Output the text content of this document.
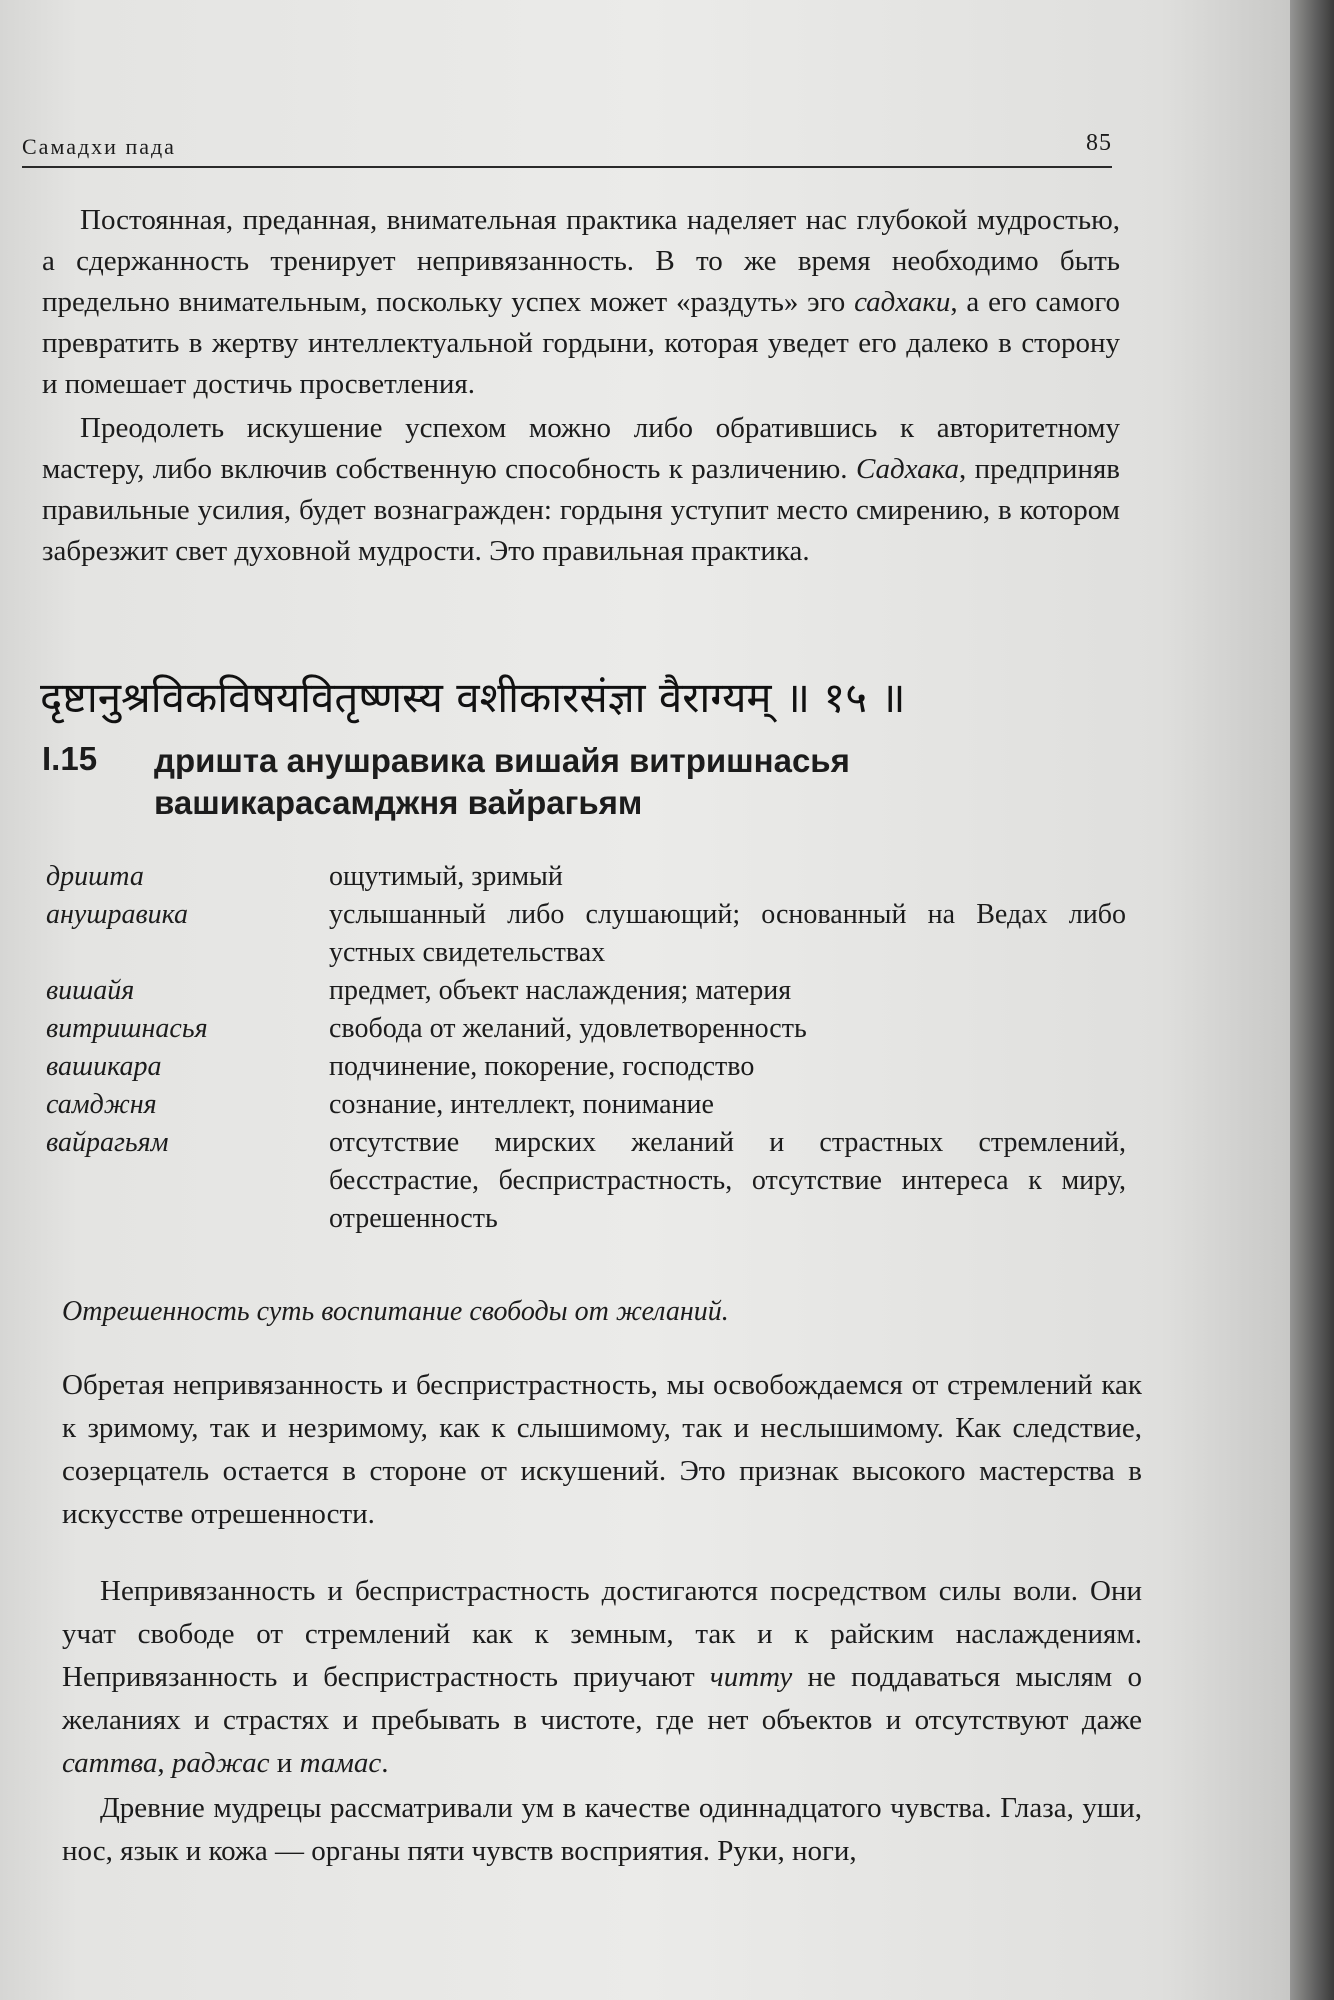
Самадхи пада	85

Постоянная, преданная, внимательная практика наделяет нас глубокой мудростью, а сдержанность тренирует непривязанность. В то же время необходимо быть предельно внимательным, поскольку успех может «раздуть» эго садхаки, а его самого превратить в жертву интеллектуальной гордыни, которая уведет его далеко в сторону и помешает достичь просветления.

Преодолеть искушение успехом можно либо обратившись к авторитетному мастеру, либо включив собственную способность к различению. Садхака, предприняв правильные усилия, будет вознагражден: гордыня уступит место смирению, в котором забрезжит свет духовной мудрости. Это правильная практика.

दृष्टानुश्रविकविषयवितृष्णस्य वशीकारसंज्ञा वैराग्यम् ॥ १५ ॥
I.15 дришта анушравика вишайя витришнасья вашикарасамджня вайрагьям
дришта	ощутимый, зримый
анушравика	услышанный либо слушающий; основанный на Ведах либо устных свидетельствах
вишайя	предмет, объект наслаждения; материя
витришнасья	свобода от желаний, удовлетворенность
вашикара	подчинение, покорение, господство
самджня	сознание, интеллект, понимание
вайрагьям	отсутствие мирских желаний и страстных стремлений, бесстрастие, беспристрастность, отсутствие интереса к миру, отрешенность
Отрешенность суть воспитание свободы от желаний.

Обретая непривязанность и беспристрастность, мы освобождаемся от стремлений как к зримому, так и незримому, как к слышимому, так и неслышимому. Как следствие, созерцатель остается в стороне от искушений. Это признак высокого мастерства в искусстве отрешенности.

Непривязанность и беспристрастность достигаются посредством силы воли. Они учат свободе от стремлений как к земным, так и к райским наслаждениям. Непривязанность и беспристрастность приучают читту не поддаваться мыслям о желаниях и страстях и пребывать в чистоте, где нет объектов и отсутствуют даже саттва, раджас и тамас.

Древние мудрецы рассматривали ум в качестве одиннадцатого чувства. Глаза, уши, нос, язык и кожа — органы пяти чувств восприятия. Руки, ноги,
